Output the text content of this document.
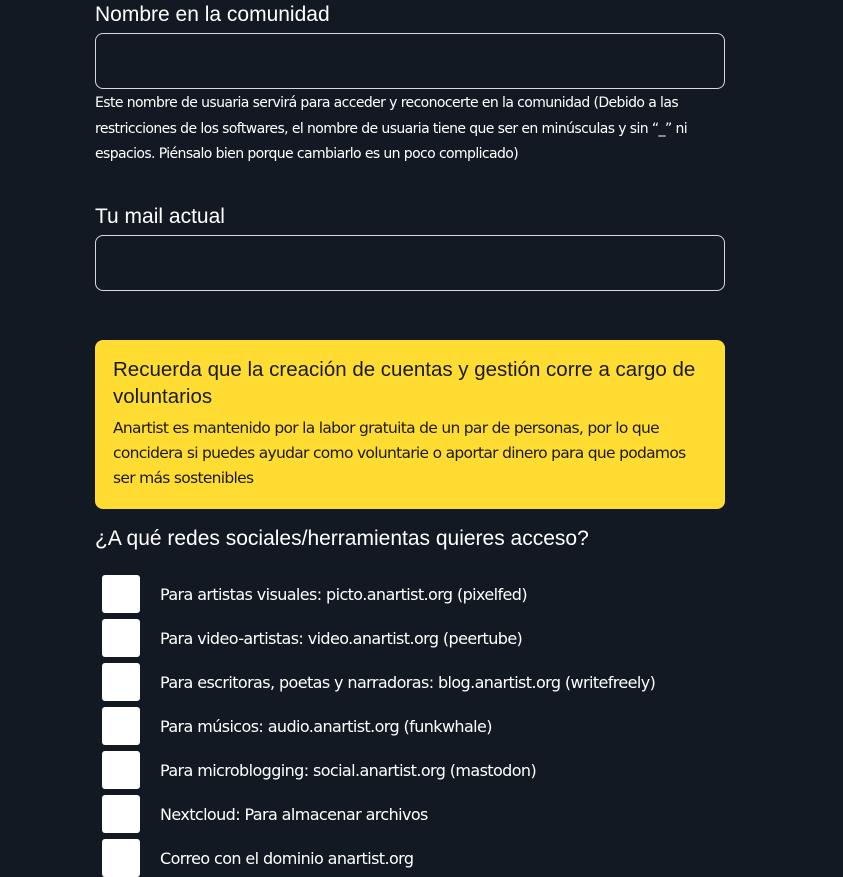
Nombre en la comunidad
Este nombre de usuaria servirá para acceder y reconocerte en la comunidad (Debido a las restricciones de los softwares, el nombre de usuaria tiene que ser en minúsculas y sin “_” ni espacios. Piénsalo bien porque cambiarlo es un poco complicado)
Tu mail actual
Recuerda que la creación de cuentas y gestión corre a cargo de voluntarios

Anartist es mantenido por la labor gratuita de un par de personas, por lo que concidera si puedes ayudar como voluntarie o aportar dinero para que podamos ser más sostenibles

¿A qué redes sociales/herramientas quieres acceso?
Para artistas visuales: picto.anartist.org (pixelfed)
Para video-artistas: video.anartist.org (peertube)
Para escritoras, poetas y narradoras: blog.anartist.org (writefreely)
Para músicos: audio.anartist.org (funkwhale)
Para microblogging: social.anartist.org (mastodon)
Nextcloud: Para almacenar archivos
Correo con el dominio anartist.org
